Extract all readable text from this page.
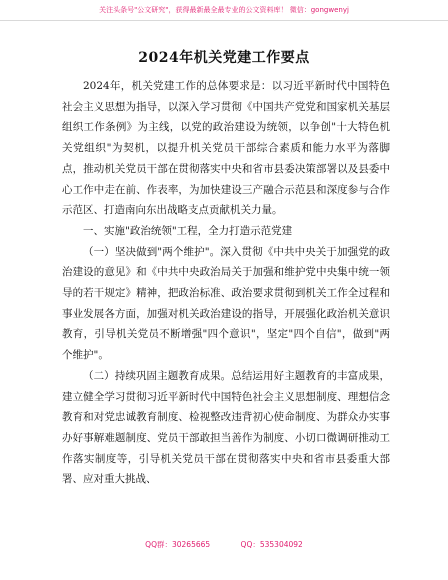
关注头条号"公文研究"，获得最新最全最专业的公文资料库！ 微信：gongwenyj
2024年机关党建工作要点

2024年，机关党建工作的总体要求是：以习近平新时代中国特色社会主义思想为指导，以深入学习贯彻《中国共产党党和国家机关基层组织工作条例》为主线，以党的政治建设为统领，以争创"十大特色机关党组织"为契机，以提升机关党员干部综合素质和能力水平为落脚点，推动机关党员干部在贯彻落实中央和省市县委决策部署以及县委中心工作中走在前、作表率，为加快建设三产融合示范县和深度参与合作示范区、打造南向东出战略支点贡献机关力量。

一、实施"政治统领"工程，全力打造示范党建

（一）坚决做到"两个维护"。深入贯彻《中共中央关于加强党的政治建设的意见》和《中共中央政治局关于加强和维护党中央集中统一领导的若干规定》精神，把政治标准、政治要求贯彻到机关工作全过程和事业发展各方面，加强对机关政治建设的指导，开展强化政治机关意识教育，引导机关党员不断增强"四个意识"，坚定"四个自信"，做到"两个维护"。

（二）持续巩固主题教育成果。总结运用好主题教育的丰富成果，建立健全学习贯彻习近平新时代中国特色社会主义思想制度、理想信念教育和对党忠诚教育制度、检视整改违背初心使命制度、为群众办实事办好事解难题制度、党员干部敢担当善作为制度、小切口微调研推动工作落实制度等，引导机关党员干部在贯彻落实中央和省市县委重大部署、应对重大挑战、

QQ群：30265665	QQ：535304092
